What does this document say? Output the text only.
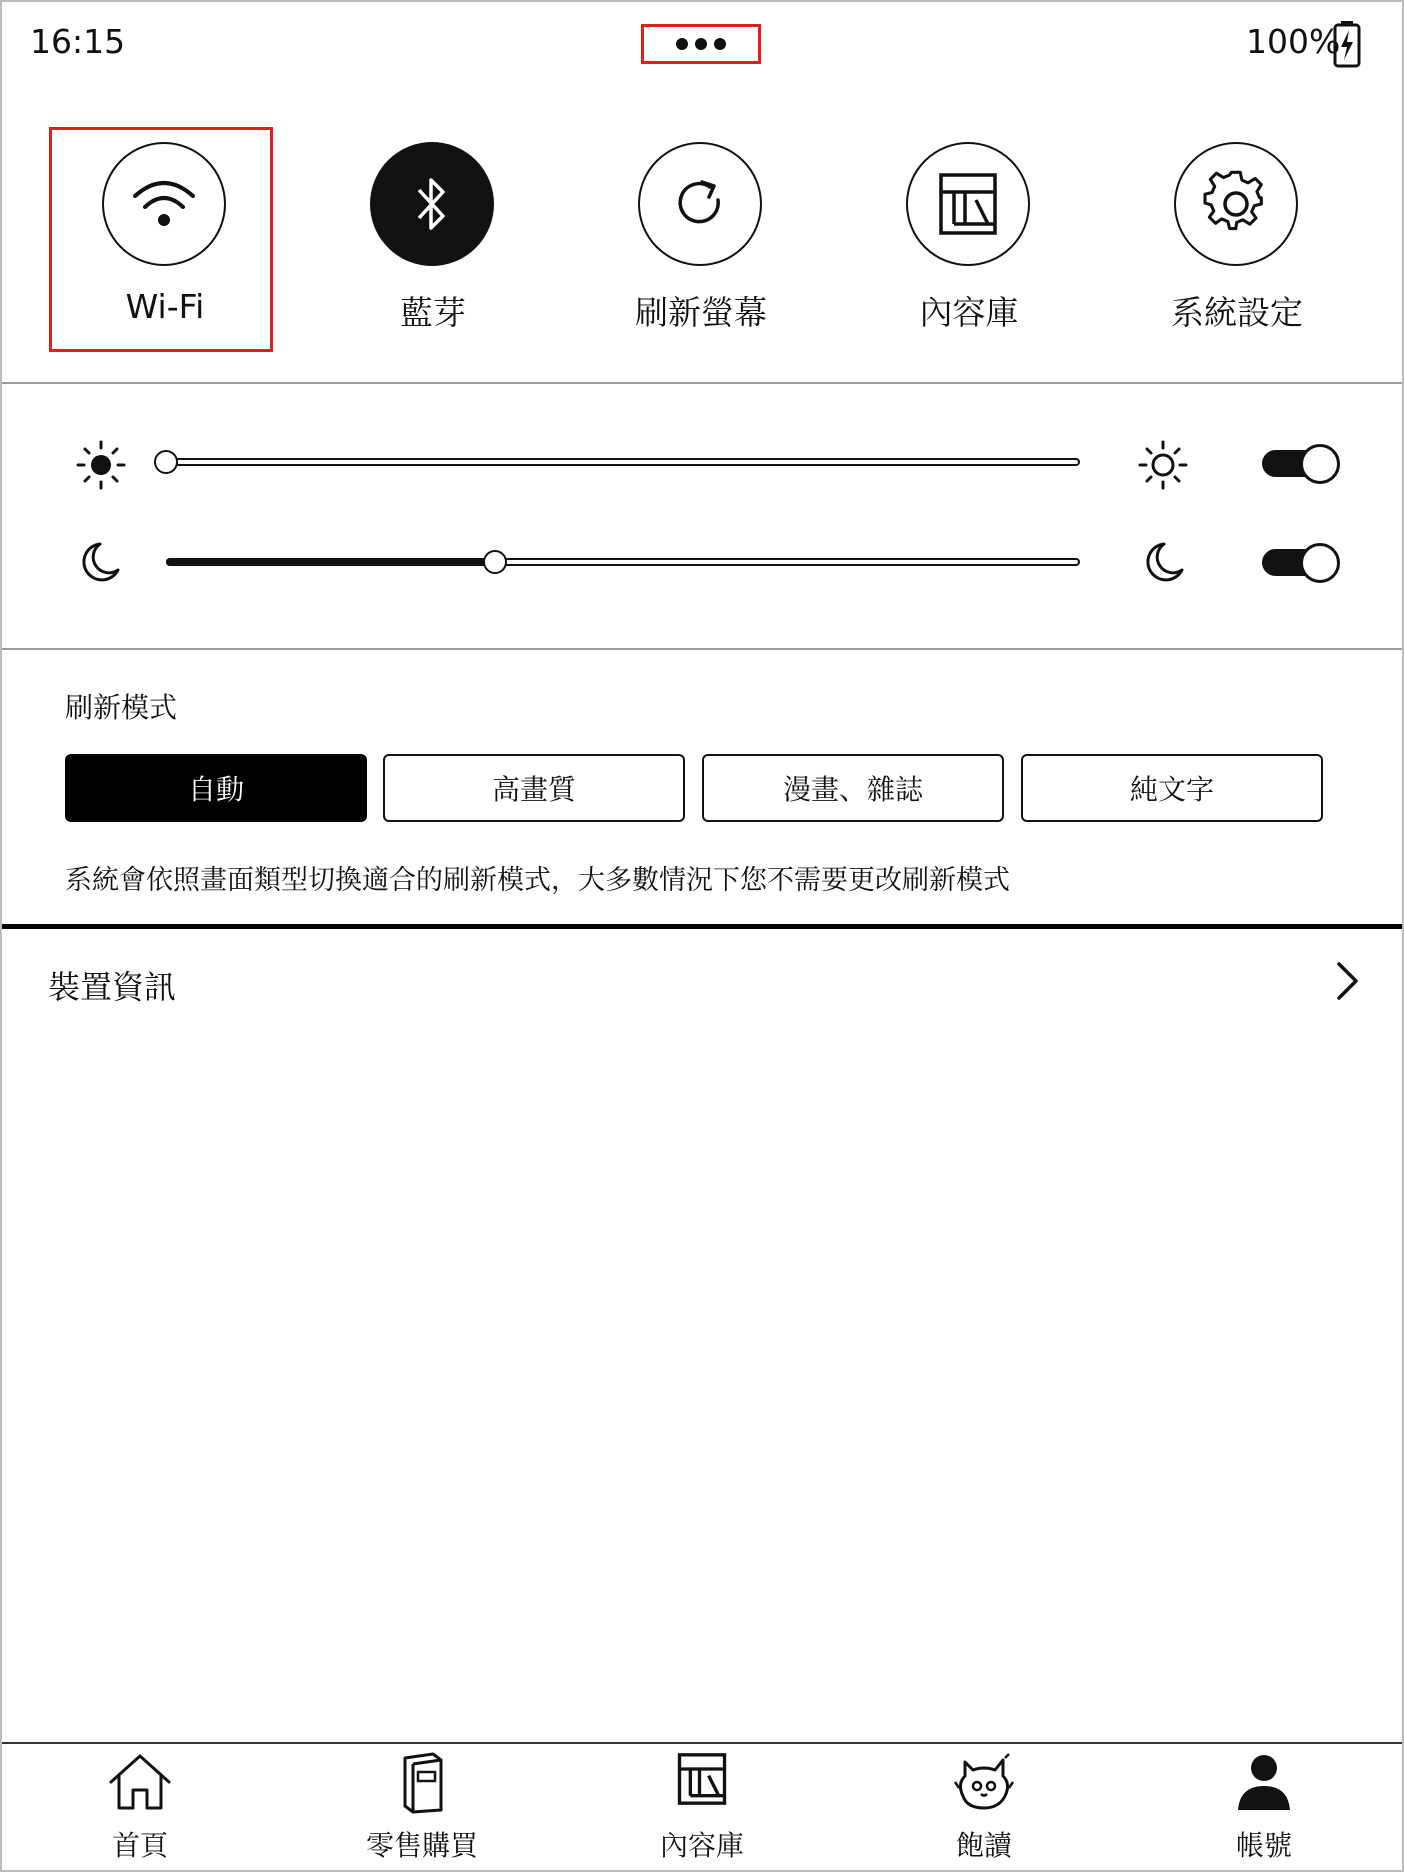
16:15	100%
Wi-Fi	藍芽	刷新螢幕	內容庫	系統設定
刷新模式
自動	高畫質	漫畫、雜誌	純文字
系統會依照畫面類型切換適合的刷新模式，大多數情況下您不需要更改刷新模式
裝置資訊
首頁	零售購買	內容庫	飽讀	帳號
